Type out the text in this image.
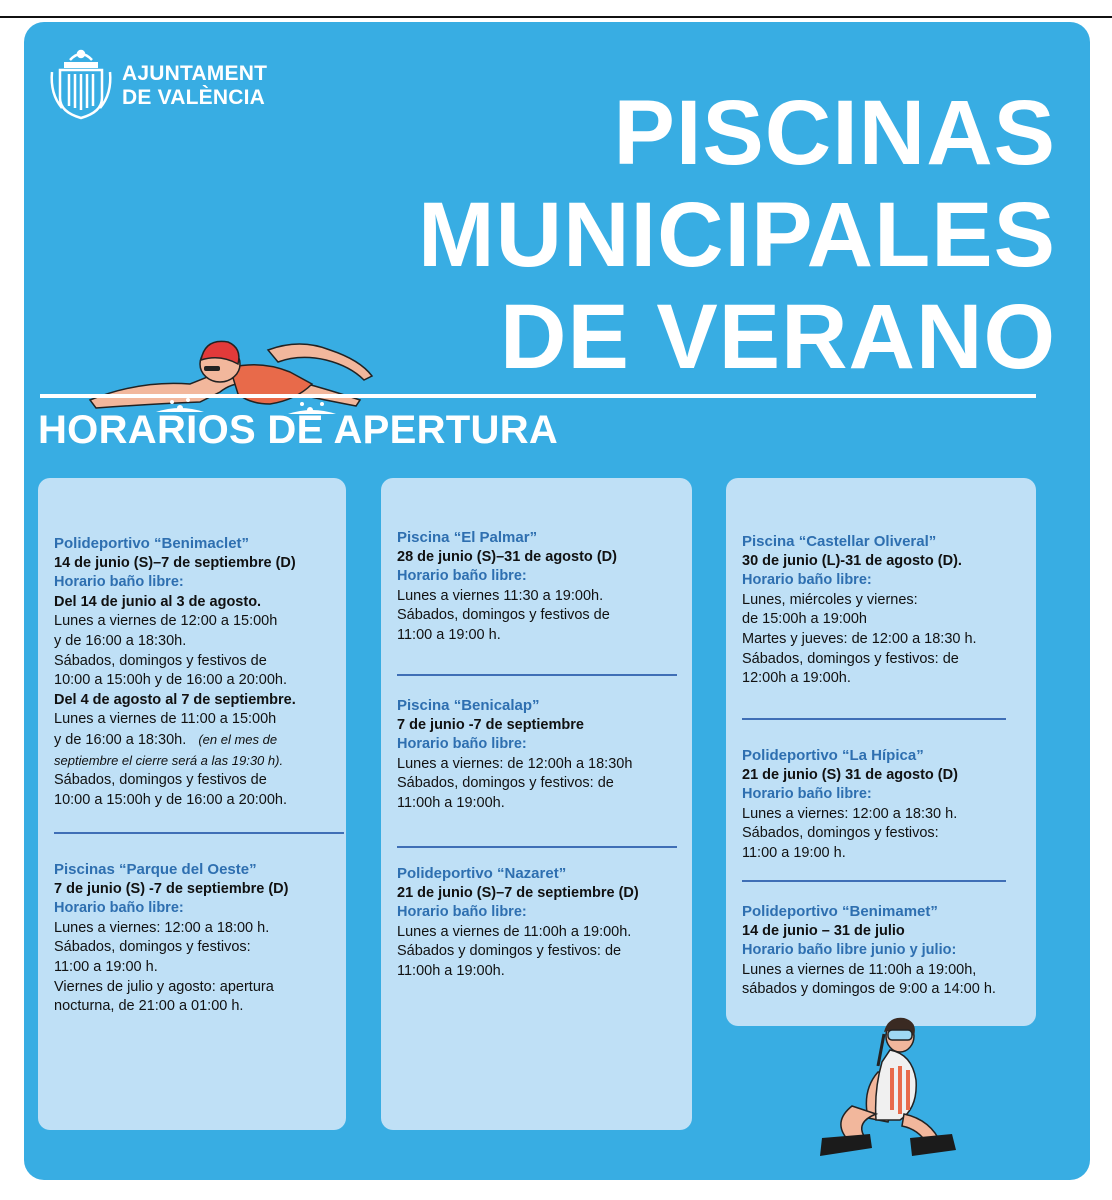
AJUNTAMENT
DE VALÈNCIA	PISCINAS
MUNICIPALES
DE VERANO
HORARIOS DE APERTURA
Polideportivo “Benimaclet”
14 de junio (S)–7 de septiembre (D)
Horario baño libre:
Del 14 de junio al 3 de agosto.
Lunes a viernes de 12:00 a 15:00h
y de 16:00 a 18:30h.
Sábados, domingos y festivos de
10:00 a 15:00h y de 16:00 a 20:00h.
Del 4 de agosto al 7 de septiembre.
Lunes a viernes de 11:00 a 15:00h
y de 16:00 a 18:30h. (en el mes de septiembre el cierre será a las 19:30 h).
Sábados, domingos y festivos de
10:00 a 15:00h y de 16:00 a 20:00h.
Piscinas “Parque del Oeste”
7 de junio (S) -7 de septiembre (D)
Horario baño libre:
Lunes a viernes: 12:00 a 18:00 h.
Sábados, domingos y festivos:
11:00 a 19:00 h.
Viernes de julio y agosto: apertura
nocturna, de 21:00 a 01:00 h.
Piscina “El Palmar”
28 de junio (S)–31 de agosto (D)
Horario baño libre:
Lunes a viernes 11:30 a 19:00h.
Sábados, domingos y festivos de
11:00 a 19:00 h.
Piscina “Benicalap”
7 de junio -7 de septiembre
Horario baño libre:
Lunes a viernes: de 12:00h a 18:30h
Sábados, domingos y festivos: de
11:00h a 19:00h.
Polideportivo “Nazaret”
21 de junio (S)–7 de septiembre (D)
Horario baño libre:
Lunes a viernes de 11:00h a 19:00h.
Sábados y domingos y festivos: de
11:00h a 19:00h.
Piscina “Castellar Oliveral”
30 de junio (L)-31 de agosto (D).
Horario baño libre:
Lunes, miércoles y viernes:
de 15:00h a 19:00h
Martes y jueves: de 12:00 a 18:30 h.
Sábados, domingos y festivos: de
12:00h a 19:00h.
Polideportivo “La Hípica”
21 de junio (S) 31 de agosto (D)
Horario baño libre:
Lunes a viernes: 12:00 a 18:30 h.
Sábados, domingos y festivos:
11:00 a 19:00 h.
Polideportivo “Benimamet”
14 de junio – 31 de julio
Horario baño libre junio y julio:
Lunes a viernes de 11:00h a 19:00h,
sábados y domingos de 9:00 a 14:00 h.
